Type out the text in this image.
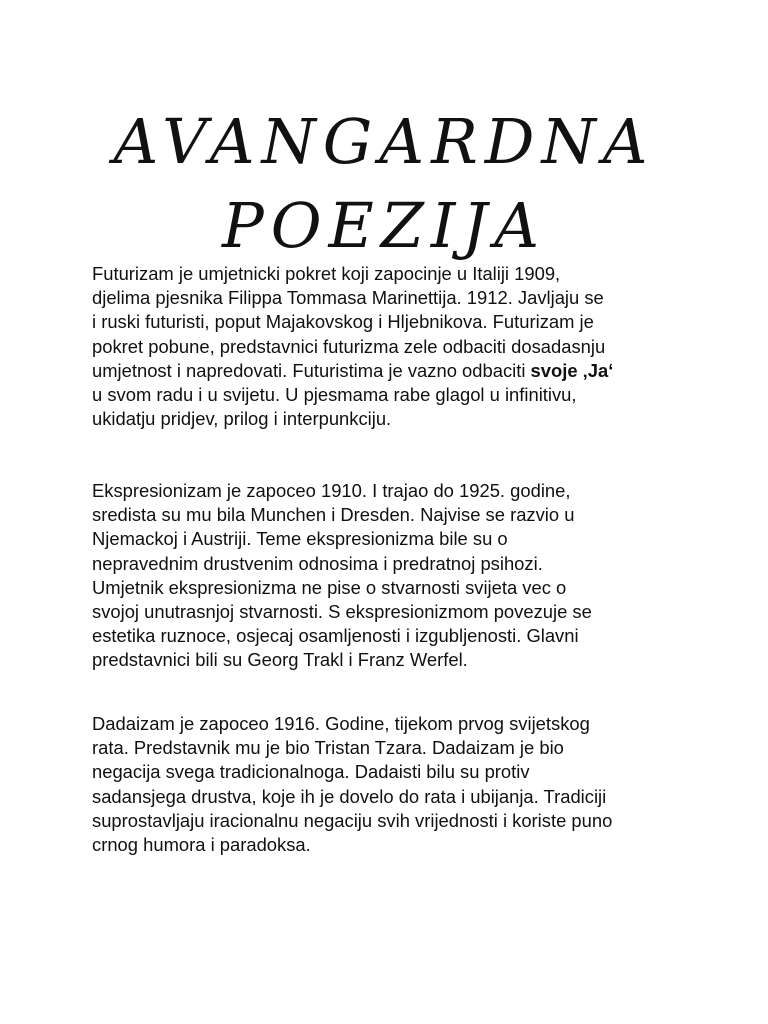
AVANGARDNA
POEZIJA

Futurizam je umjetnicki pokret koji zapocinje u Italiji 1909,
djelima pjesnika Filippa Tommasa Marinettija. 1912. Javljaju se
i ruski futuristi, poput Majakovskog i Hljebnikova. Futurizam je
pokret pobune, predstavnici futurizma zele odbaciti dosadasnju
umjetnost i napredovati. Futuristima je vazno odbaciti svoje ‚Ja‘
u svom radu i u svijetu. U pjesmama rabe glagol u infinitivu,
ukidatju pridjev, prilog i interpunkciju.

Ekspresionizam je zapoceo 1910. I trajao do 1925. godine,
sredista su mu bila Munchen i Dresden. Najvise se razvio u
Njemackoj i Austriji. Teme ekspresionizma bile su o
nepravednim drustvenim odnosima i predratnoj psihozi.
Umjetnik ekspresionizma ne pise o stvarnosti svijeta vec o
svojoj unutrasnjoj stvarnosti. S ekspresionizmom povezuje se
estetika ruznoce, osjecaj osamljenosti i izgubljenosti. Glavni
predstavnici bili su Georg Trakl i Franz Werfel.

Dadaizam je zapoceo 1916. Godine, tijekom prvog svijetskog
rata. Predstavnik mu je bio Tristan Tzara. Dadaizam je bio
negacija svega tradicionalnoga. Dadaisti bilu su protiv
sadansjega drustva, koje ih je dovelo do rata i ubijanja. Tradiciji
suprostavljaju iracionalnu negaciju svih vrijednosti i koriste puno
crnog humora i paradoksa.
